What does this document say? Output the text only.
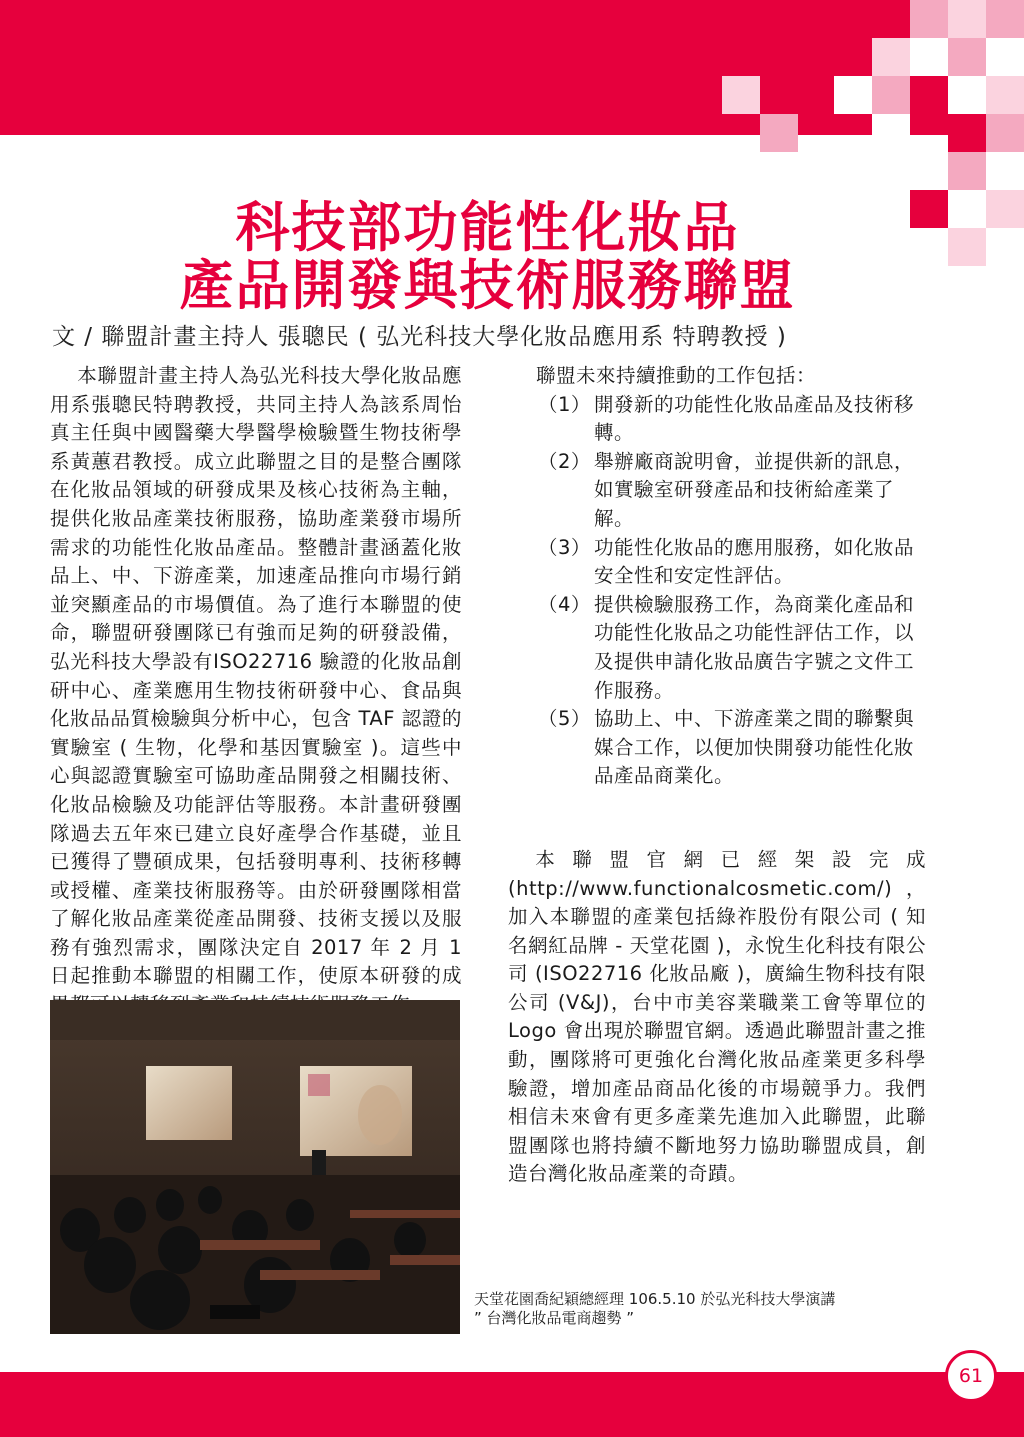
科技部功能性化妝品
產品開發與技術服務聯盟
文 / 聯盟計畫主持人 張聰民 ( 弘光科技大學化妝品應用系 特聘教授 )

本聯盟計畫主持人為弘光科技大學化妝品應用系張聰民特聘教授，共同主持人為該系周怡真主任與中國醫藥大學醫學檢驗暨生物技術學系黃蕙君教授。成立此聯盟之目的是整合團隊在化妝品領域的研發成果及核心技術為主軸，提供化妝品產業技術服務，協助產業發市場所需求的功能性化妝品產品。整體計畫涵蓋化妝品上、中、下游產業，加速產品推向市場行銷並突顯產品的市場價值。為了進行本聯盟的使命，聯盟研發團隊已有強而足夠的研發設備，弘光科技大學設有ISO22716 驗證的化妝品創研中心、產業應用生物技術研發中心、食品與化妝品品質檢驗與分析中心，包含 TAF 認證的實驗室 ( 生物，化學和基因實驗室 )。這些中心與認證實驗室可協助產品開發之相關技術、化妝品檢驗及功能評估等服務。本計畫研發團隊過去五年來已建立良好產學合作基礎，並且已獲得了豐碩成果，包括發明專利、技術移轉或授權、產業技術服務等。由於研發團隊相當了解化妝品產業從產品開發、技術支援以及服務有強烈需求，團隊決定自 2017 年 2 月 1 日起推動本聯盟的相關工作，使原本研發的成

聯盟未來持續推動的工作包括：

（1） 開發新的功能性化妝品產品及技術移轉。
（2） 舉辦廠商說明會，並提供新的訊息，如實驗室研發產品和技術給產業了解。
（3） 功能性化妝品的應用服務，如化妝品安全性和安定性評估。
（4） 提供檢驗服務工作，為商業化產品和功能性化妝品之功能性評估工作，以及提供申請化妝品廣告字號之文件工作服務。
（5） 協助上、中、下游產業之間的聯繫與媒合工作，以便加快開發功能性化妝品產品商業化。

本聯盟官網已經架設完成 (http://www.functionalcosmetic.com/)，加入本聯盟的產業包括綠祚股份有限公司 ( 知名網紅品牌 - 天堂花園 )，永悅生化科技有限公司 (ISO22716 化妝品廠 )，廣綸生物科技有限公司 (V&J)，台中市美容業職業工會等單位的 Logo 會出現於聯盟官網。透過此聯盟計畫之推動，團隊將可更強化台灣化妝品產業更多科學驗證，增加產品商品化後的市場競爭力。我們相信未來會有更多產業先進加入此聯盟，此聯盟團隊也將持續不斷地努力協助聯盟成員，創造台灣化妝品產業的奇蹟。

天堂花園喬紀穎總經理 106.5.10 於弘光科技大學演講
” 台灣化妝品電商趨勢 ”
61
